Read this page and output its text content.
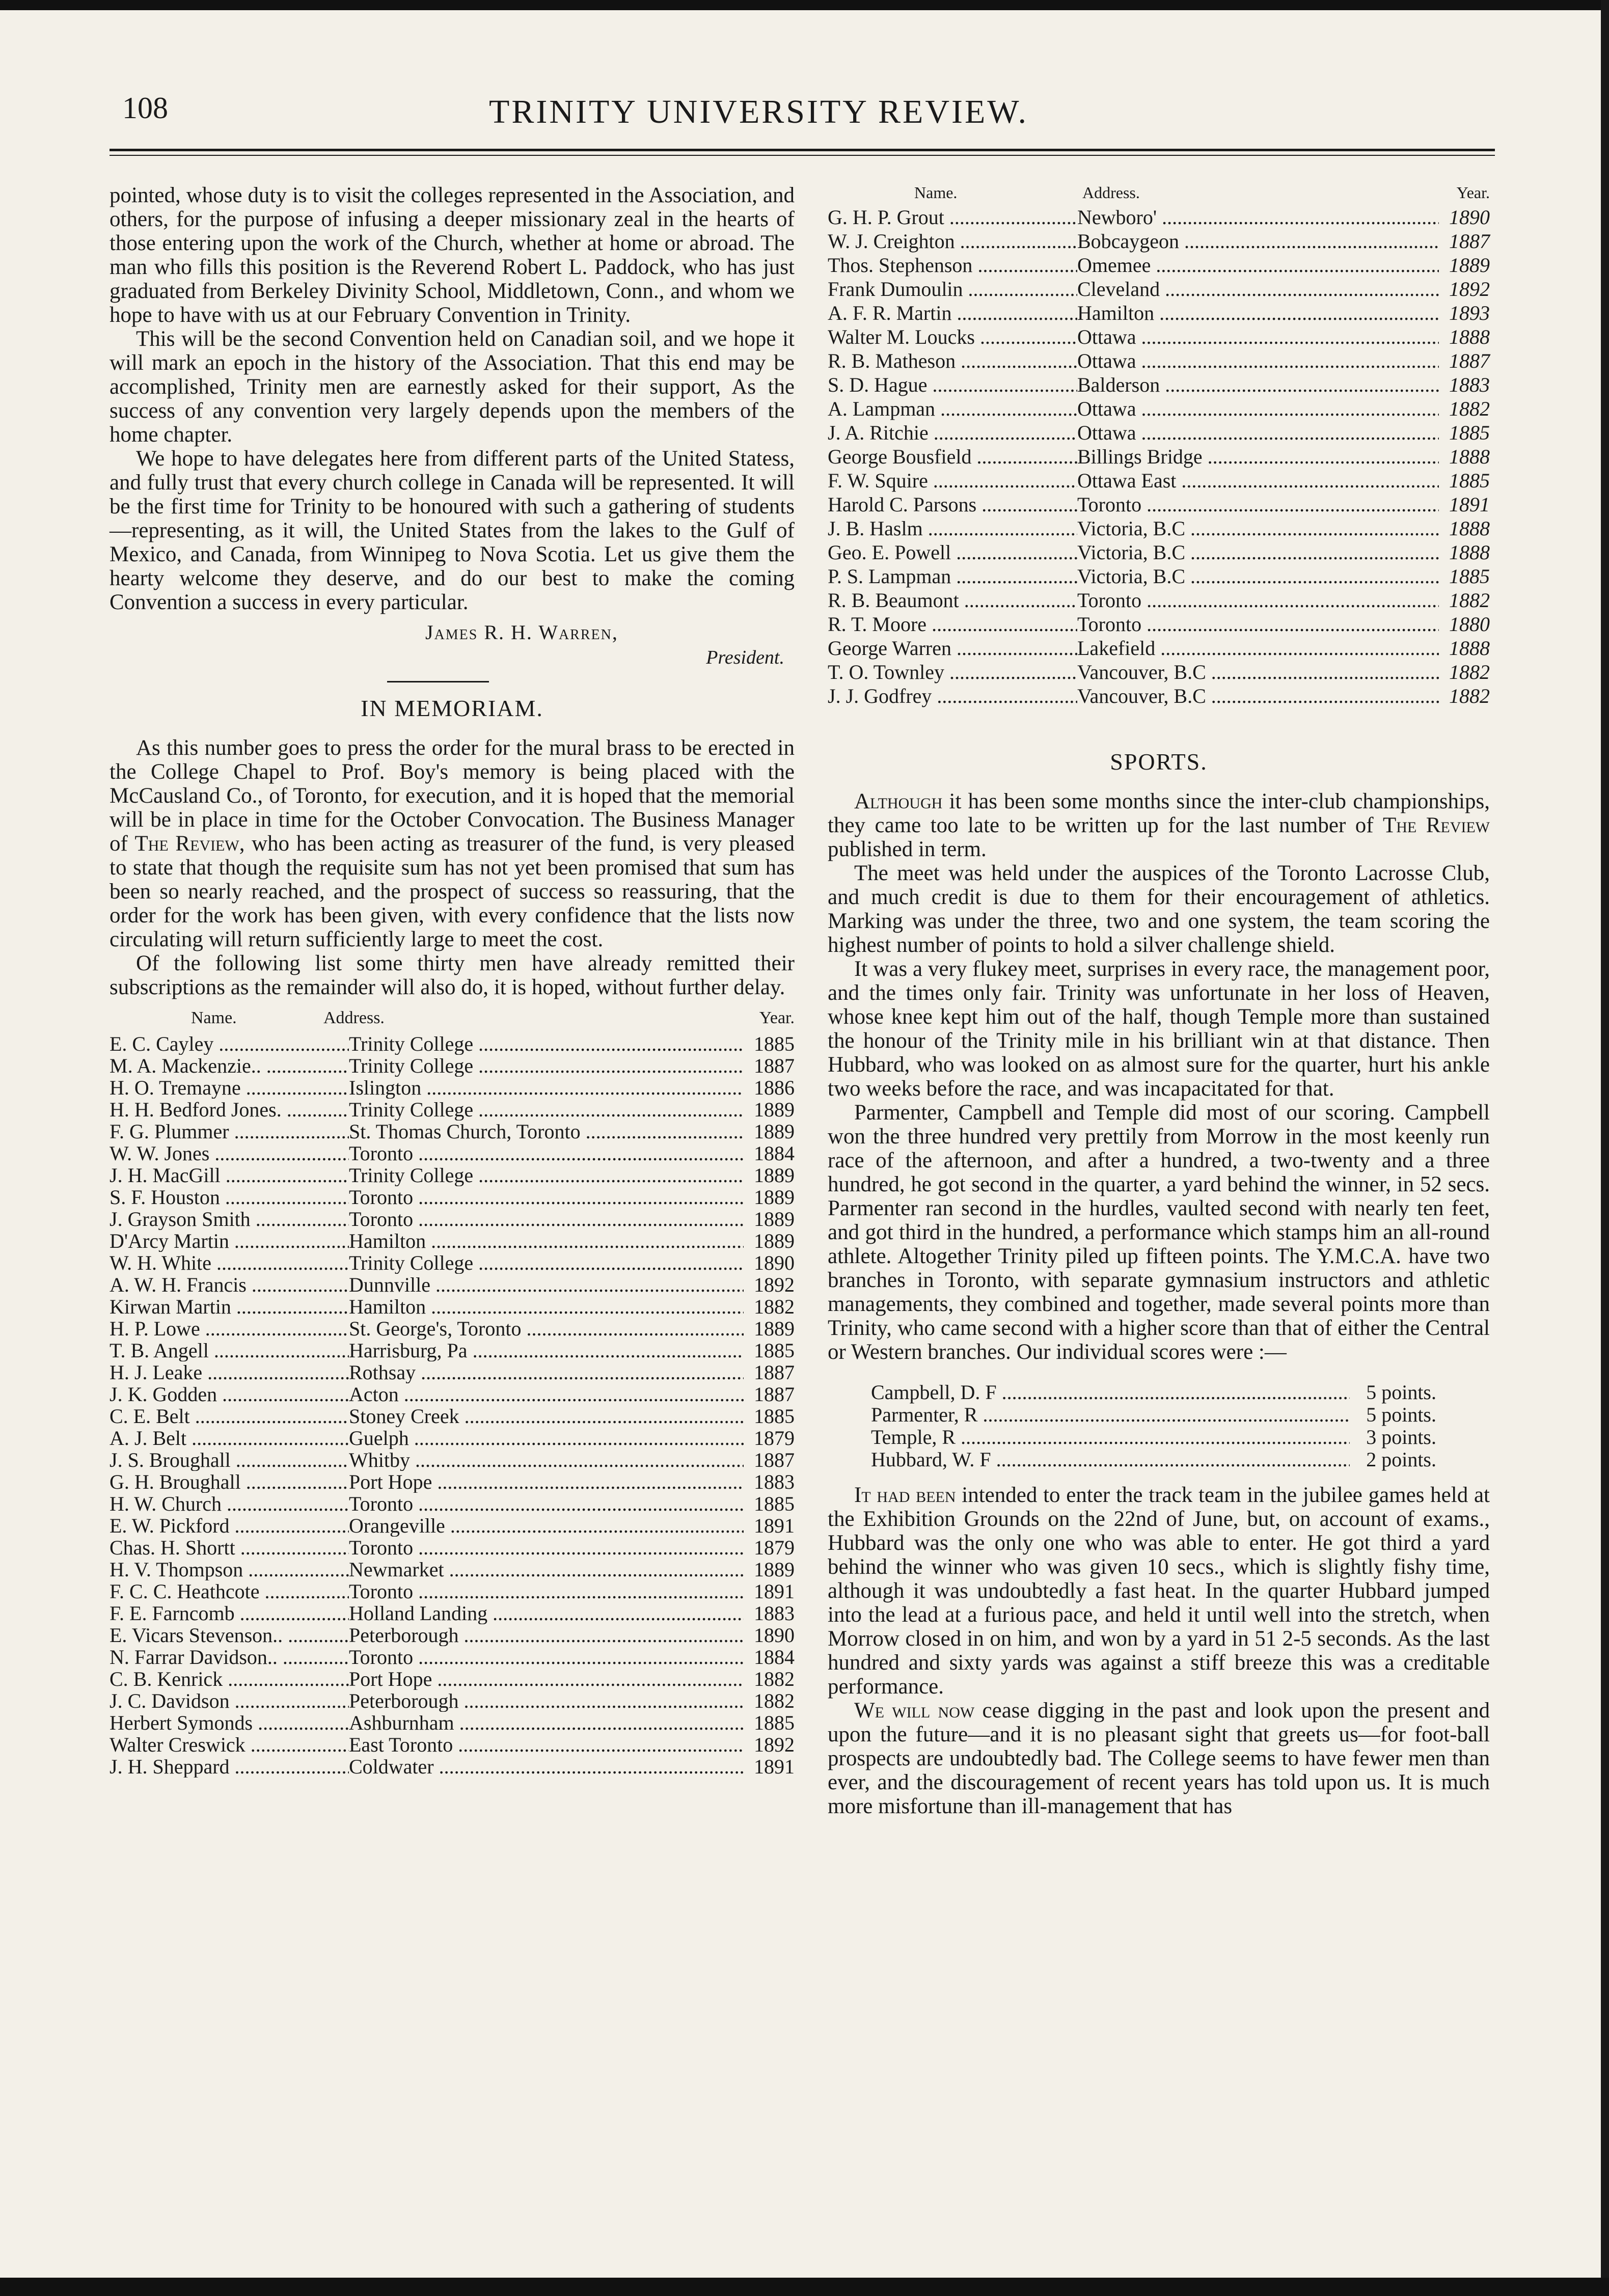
108	TRINITY UNIVERSITY REVIEW.

pointed, whose duty is to visit the colleges represented in the Association, and others, for the purpose of infusing a deeper missionary zeal in the hearts of those entering upon the work of the Church, whether at home or abroad. The man who fills this position is the Reverend Robert L. Paddock, who has just graduated from Berkeley Divinity School, Middletown, Conn., and whom we hope to have with us at our February Convention in Trinity.

This will be the second Convention held on Canadian soil, and we hope it will mark an epoch in the history of the Association. That this end may be accomplished, Trinity men are earnestly asked for their support, As the success of any convention very largely depends upon the members of the home chapter.

We hope to have delegates here from different parts of the United Statess, and fully trust that every church college in Canada will be represented. It will be the first time for Trinity to be honoured with such a gathering of students—representing, as it will, the United States from the lakes to the Gulf of Mexico, and Canada, from Winnipeg to Nova Scotia. Let us give them the hearty welcome they deserve, and do our best to make the coming Convention a success in every particular.

James R. H. Warren,
President.
IN MEMORIAM.

As this number goes to press the order for the mural brass to be erected in the College Chapel to Prof. Boy's memory is being placed with the McCausland Co., of Toronto, for execution, and it is hoped that the memorial will be in place in time for the October Convocation. The Business Manager of The Review, who has been acting as treasurer of the fund, is very pleased to state that though the requisite sum has not yet been promised that sum has been so nearly reached, and the prospect of success so reassuring, that the order for the work has been given, with every confidence that the lists now circulating will return sufficiently large to meet the cost.

Of the following list some thirty men have already remitted their subscriptions as the remainder will also do, it is hoped, without further delay.

Name.	Address.	Year.
E. C. Cayley .....	Trinity College .....	1885
M. A. Mackenzie.. .....	Trinity College .....	1887
H. O. Tremayne .....	Islington .....	1886
H. H. Bedford Jones. .....	Trinity College .....	1889
F. G. Plummer .....	St. Thomas Church, Toronto .....	1889
W. W. Jones .....	Toronto .....	1884
J. H. MacGill .....	Trinity College .....	1889
S. F. Houston .....	Toronto .....	1889
J. Grayson Smith .....	Toronto .....	1889
D'Arcy Martin .....	Hamilton .....	1889
W. H. White .....	Trinity College .....	1890
A. W. H. Francis .....	Dunnville .....	1892
Kirwan Martin .....	Hamilton .....	1882
H. P. Lowe .....	St. George's, Toronto .....	1889
T. B. Angell .....	Harrisburg, Pa .....	1885
H. J. Leake .....	Rothsay .....	1887
J. K. Godden .....	Acton .....	1887
C. E. Belt .....	Stoney Creek .....	1885
A. J. Belt .....	Guelph .....	1879
J. S. Broughall .....	Whitby .....	1887
G. H. Broughall .....	Port Hope .....	1883
H. W. Church .....	Toronto .....	1885
E. W. Pickford .....	Orangeville .....	1891
Chas. H. Shortt .....	Toronto .....	1879
H. V. Thompson .....	Newmarket .....	1889
F. C. C. Heathcote .....	Toronto .....	1891
F. E. Farncomb .....	Holland Landing .....	1883
E. Vicars Stevenson.. .....	Peterborough .....	1890
N. Farrar Davidson.. .....	Toronto .....	1884
C. B. Kenrick .....	Port Hope .....	1882
J. C. Davidson .....	Peterborough .....	1882
Herbert Symonds .....	Ashburnham .....	1885
Walter Creswick .....	East Toronto .....	1892
J. H. Sheppard .....	Coldwater .....	1891
Name.	Address.	Year.
G. H. P. Grout .....	Newboro' .....	1890
W. J. Creighton .....	Bobcaygeon .....	1887
Thos. Stephenson .....	Omemee .....	1889
Frank Dumoulin .....	Cleveland .....	1892
A. F. R. Martin .....	Hamilton .....	1893
Walter M. Loucks .....	Ottawa .....	1888
R. B. Matheson .....	Ottawa .....	1887
S. D. Hague .....	Balderson .....	1883
A. Lampman .....	Ottawa .....	1882
J. A. Ritchie .....	Ottawa .....	1885
George Bousfield .....	Billings Bridge .....	1888
F. W. Squire .....	Ottawa East .....	1885
Harold C. Parsons .....	Toronto .....	1891
J. B. Haslm .....	Victoria, B.C .....	1888
Geo. E. Powell .....	Victoria, B.C .....	1888
P. S. Lampman .....	Victoria, B.C .....	1885
R. B. Beaumont .....	Toronto .....	1882
R. T. Moore .....	Toronto .....	1880
George Warren .....	Lakefield .....	1888
T. O. Townley .....	Vancouver, B.C .....	1882
J. J. Godfrey .....	Vancouver, B.C .....	1882
SPORTS.

Although it has been some months since the inter-club championships, they came too late to be written up for the last number of The Review published in term.

The meet was held under the auspices of the Toronto Lacrosse Club, and much credit is due to them for their encouragement of athletics. Marking was under the three, two and one system, the team scoring the highest number of points to hold a silver challenge shield.

It was a very flukey meet, surprises in every race, the management poor, and the times only fair. Trinity was unfortunate in her loss of Heaven, whose knee kept him out of the half, though Temple more than sustained the honour of the Trinity mile in his brilliant win at that distance. Then Hubbard, who was looked on as almost sure for the quarter, hurt his ankle two weeks before the race, and was incapacitated for that.

Parmenter, Campbell and Temple did most of our scoring. Campbell won the three hundred very prettily from Morrow in the most keenly run race of the afternoon, and after a hundred, a two-twenty and a three hundred, he got second in the quarter, a yard behind the winner, in 52 secs. Parmenter ran second in the hurdles, vaulted second with nearly ten feet, and got third in the hundred, a performance which stamps him an all-round athlete. Altogether Trinity piled up fifteen points. The Y.M.C.A. have two branches in Toronto, with separate gymnasium instructors and athletic managements, they combined and together, made several points more than Trinity, who came second with a higher score than that of either the Central or Western branches. Our individual scores were :—

Campbell, D. F .....	5 points.
Parmenter, R .....	5 points.
Temple, R .....	3 points.
Hubbard, W. F .....	2 points.

It had been intended to enter the track team in the jubilee games held at the Exhibition Grounds on the 22nd of June, but, on account of exams., Hubbard was the only one who was able to enter. He got third a yard behind the winner who was given 10 secs., which is slightly fishy time, although it was undoubtedly a fast heat. In the quarter Hubbard jumped into the lead at a furious pace, and held it until well into the stretch, when Morrow closed in on him, and won by a yard in 51 2-5 seconds. As the last hundred and sixty yards was against a stiff breeze this was a creditable performance.

We will now cease digging in the past and look upon the present and upon the future—and it is no pleasant sight that greets us—for foot-ball prospects are undoubtedly bad. The College seems to have fewer men than ever, and the discouragement of recent years has told upon us. It is much more misfortune than ill-management that has
